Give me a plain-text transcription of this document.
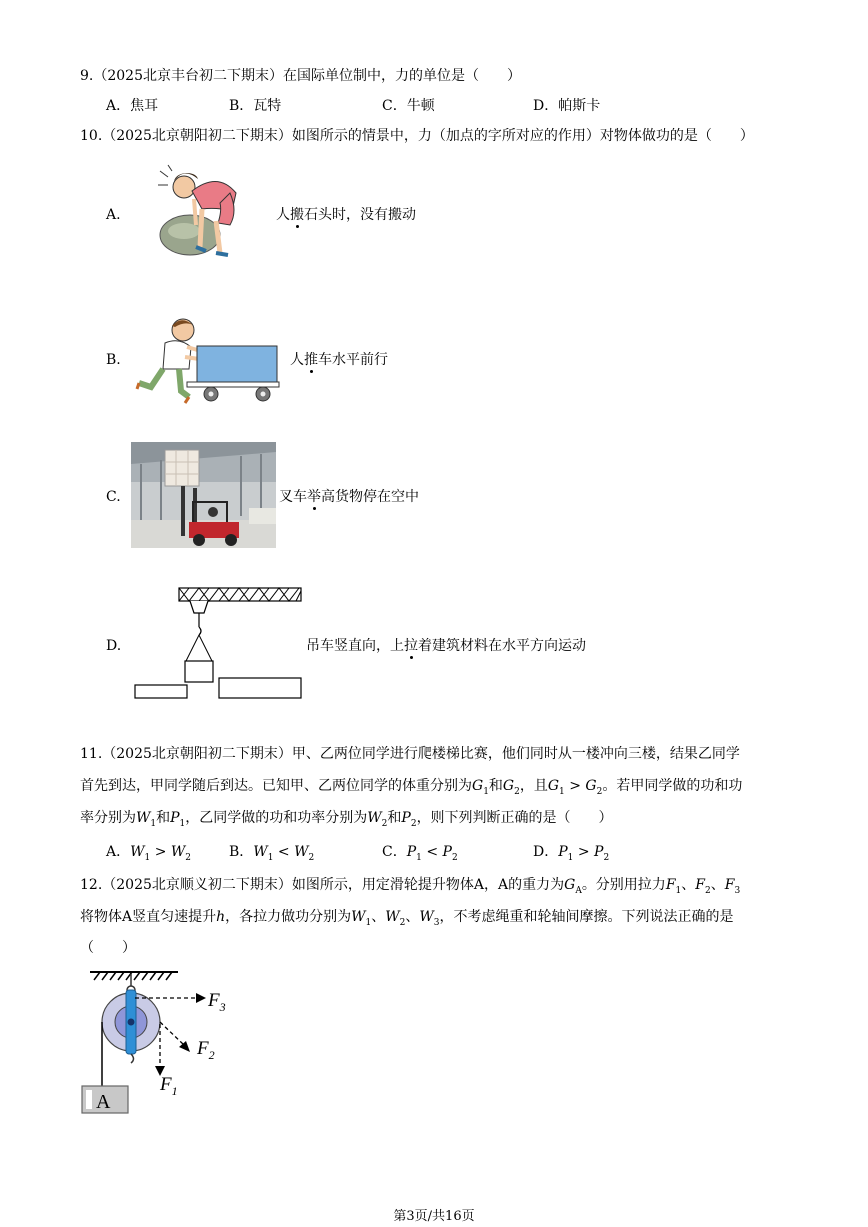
9.（2025北京丰台初二下期末）在国际单位制中，力的单位是（　　）
A．焦耳	B．瓦特	C．牛顿	D．帕斯卡
10.（2025北京朝阳初二下期末）如图所示的情景中，力（加点的字所对应的作用）对物体做功的是（　　）
A.	人搬石头时，没有搬动
B.	人推车水平前行
C.	叉车举高货物停在空中
D.	吊车竖直向，上拉着建筑材料在水平方向运动
11.（2025北京朝阳初二下期末）甲、乙两位同学进行爬楼梯比赛，他们同时从一楼冲向三楼，结果乙同学
首先到达，甲同学随后到达。已知甲、乙两位同学的体重分别为$G_1$和$G_2$，且$G_1 > G_2$。若甲同学做的功和功
率分别为$W_1$和$P_1$，乙同学做的功和功率分别为$W_2$和$P_2$，则下列判断正确的是（　　）
A．$W_1 > W_2$	B．$W_1 < W_2$	C．$P_1 < P_2$	D．$P_1 > P_2$
12.（2025北京顺义初二下期末）如图所示，用定滑轮提升物体A，A的重力为$G_A$。分别用拉力$F_1$、$F_2$、$F_3$
将物体A竖直匀速提升h，各拉力做功分别为$W_1$、$W_2$、$W_3$，不考虑绳重和轮轴间摩擦。下列说法正确的是
（　　）
A
$F_3$
$F_2$
$F_1$
第3页/共16页
